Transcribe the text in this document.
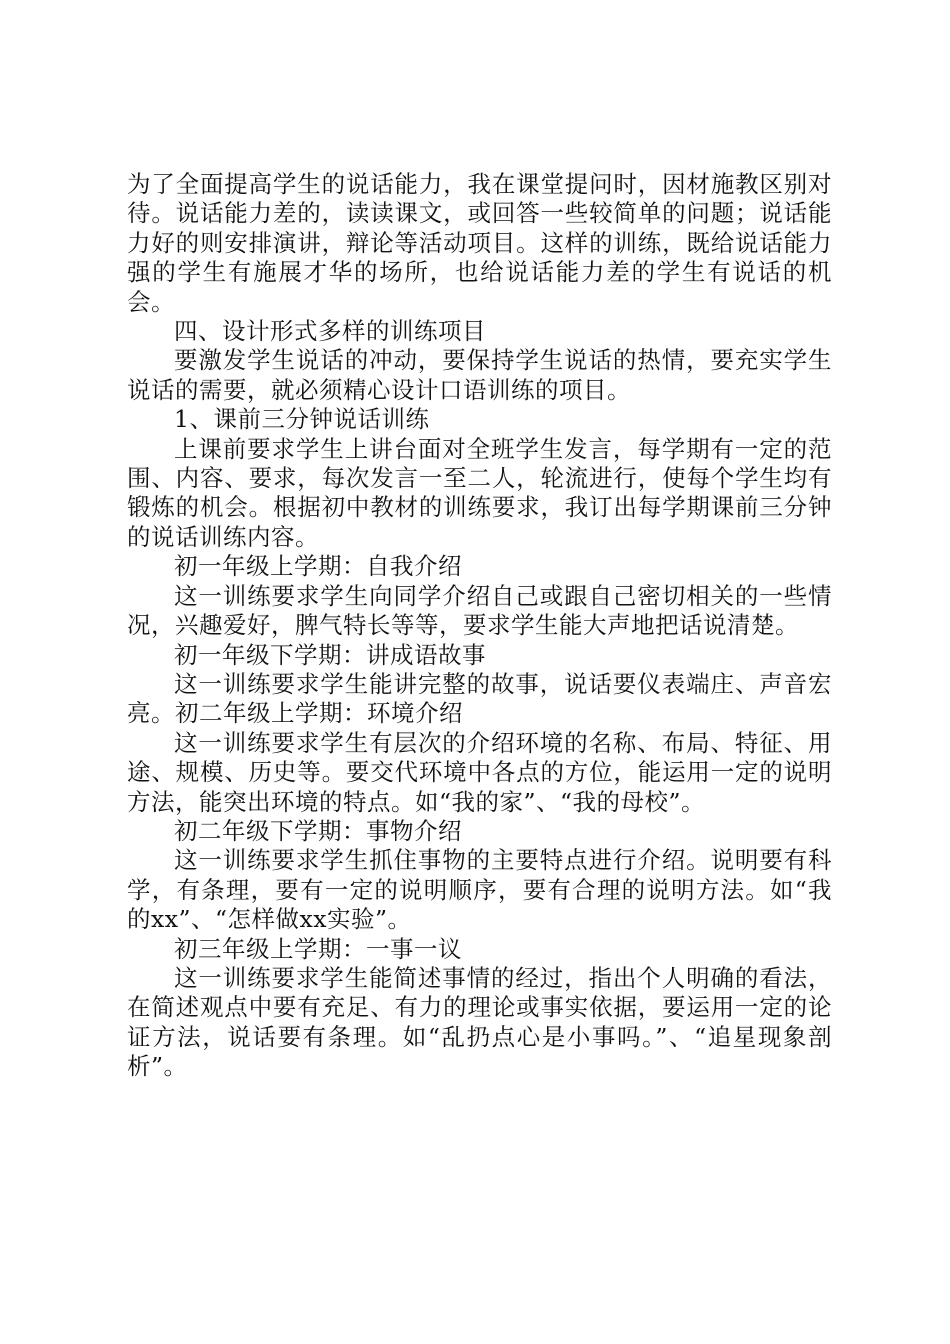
为了全面提高学生的说话能力，我在课堂提问时，因材施教区别对待。说话能力差的，读读课文，或回答一些较简单的问题；说话能力好的则安排演讲，辩论等活动项目。这样的训练，既给说话能力强的学生有施展才华的场所，也给说话能力差的学生有说话的机会。

四、设计形式多样的训练项目

要激发学生说话的冲动，要保持学生说话的热情，要充实学生说话的需要，就必须精心设计口语训练的项目。

1、课前三分钟说话训练

上课前要求学生上讲台面对全班学生发言，每学期有一定的范围、内容、要求，每次发言一至二人，轮流进行，使每个学生均有锻炼的机会。根据初中教材的训练要求，我订出每学期课前三分钟的说话训练内容。

初一年级上学期：自我介绍

这一训练要求学生向同学介绍自己或跟自己密切相关的一些情况，兴趣爱好，脾气特长等等，要求学生能大声地把话说清楚。

初一年级下学期：讲成语故事

这一训练要求学生能讲完整的故事，说话要仪表端庄、声音宏亮。初二年级上学期：环境介绍

这一训练要求学生有层次的介绍环境的名称、布局、特征、用途、规模、历史等。要交代环境中各点的方位，能运用一定的说明方法，能突出环境的特点。如“我的家”、“我的母校”。

初二年级下学期：事物介绍

这一训练要求学生抓住事物的主要特点进行介绍。说明要有科学，有条理，要有一定的说明顺序，要有合理的说明方法。如“我的xx”、“怎样做xx实验”。

初三年级上学期：一事一议

这一训练要求学生能简述事情的经过，指出个人明确的看法，在简述观点中要有充足、有力的理论或事实依据，要运用一定的论证方法，说话要有条理。如“乱扔点心是小事吗。”、“追星现象剖析”。
